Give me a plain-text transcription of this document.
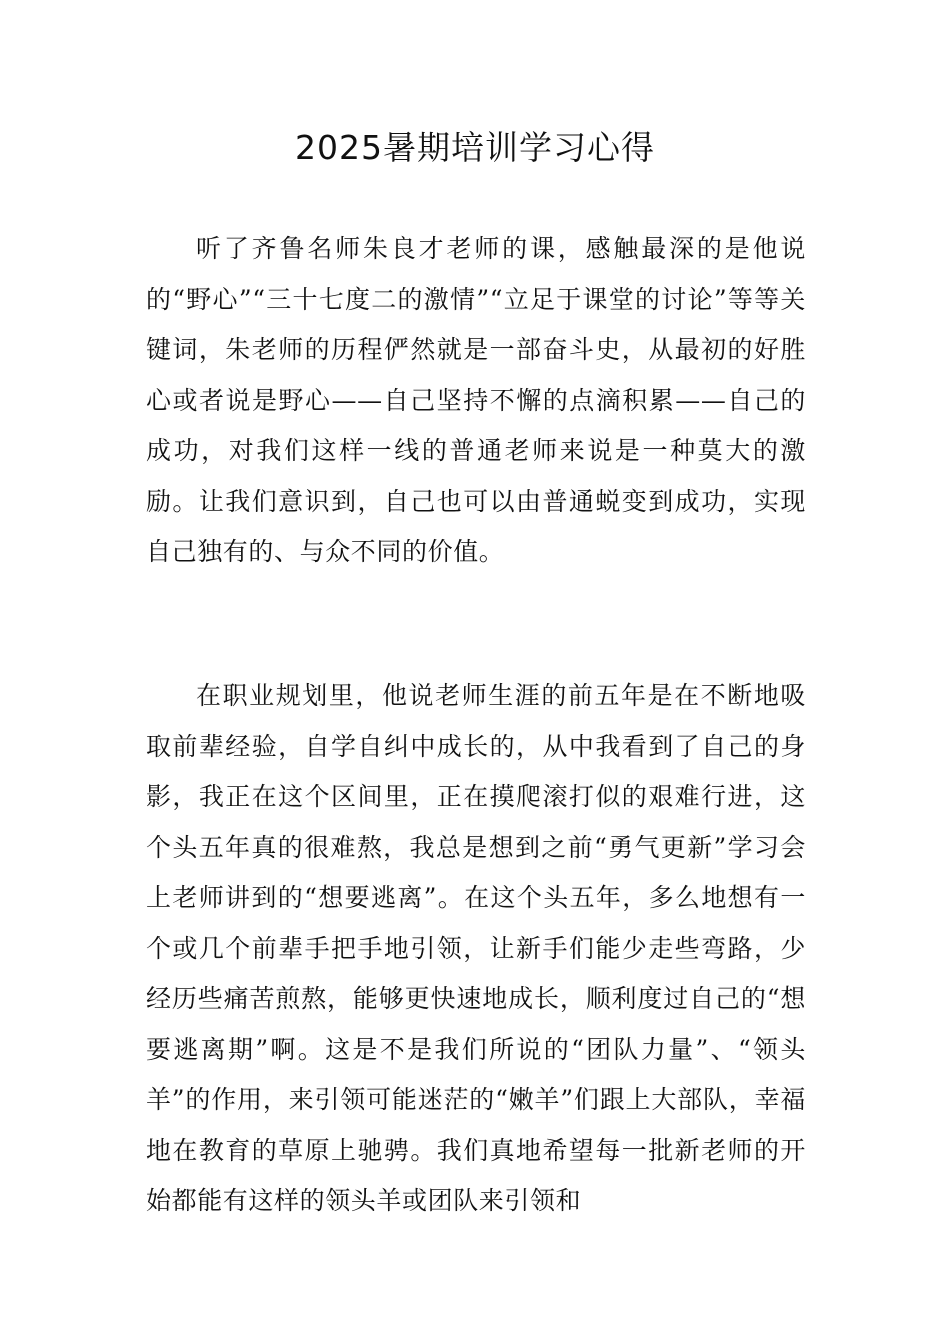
2025暑期培训学习心得

听了齐鲁名师朱良才老师的课，感触最深的是他说的“野心”“三十七度二的激情”“立足于课堂的讨论”等等关键词，朱老师的历程俨然就是一部奋斗史，从最初的好胜心或者说是野心——自己坚持不懈的点滴积累——自己的成功，对我们这样一线的普通老师来说是一种莫大的激励。让我们意识到，自己也可以由普通蜕变到成功，实现自己独有的、与众不同的价值。

在职业规划里，他说老师生涯的前五年是在不断地吸取前辈经验，自学自纠中成长的，从中我看到了自己的身影，我正在这个区间里，正在摸爬滚打似的艰难行进，这个头五年真的很难熬，我总是想到之前“勇气更新”学习会上老师讲到的“想要逃离”。在这个头五年，多么地想有一个或几个前辈手把手地引领，让新手们能少走些弯路，少经历些痛苦煎熬，能够更快速地成长，顺利度过自己的“想要逃离期”啊。这是不是我们所说的“团队力量”、“领头羊”的作用，来引领可能迷茫的“嫩羊”们跟上大部队，幸福地在教育的草原上驰骋。我们真地希望每一批新老师的开始都能有这样的领头羊或团队来引领和
